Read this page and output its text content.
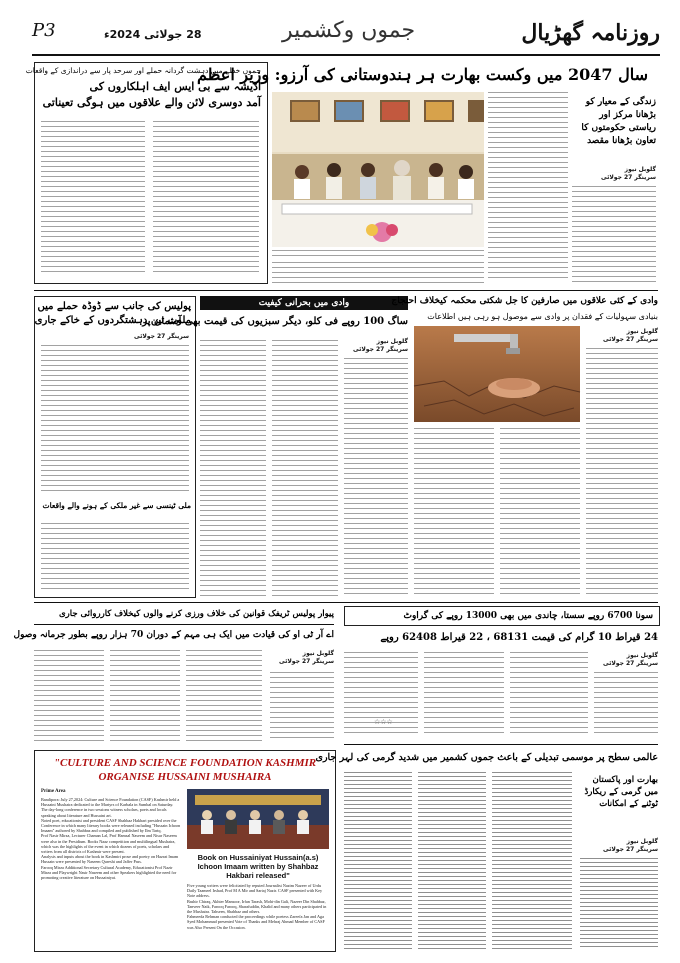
P3	28 جولائی 2024ء	جموں وکشمیر	روزنامہ گھڑیال
جموں خطے میں دہشت گردانہ حملے اور سرحد پار سے دراندازی کے واقعات
اڈیشہ سے بی ایس ایف اہلکاروں کی
آمد دوسری لائن والے علاقوں میں ہوگی تعیناتی
سال 2047 میں وکست بھارت ہر ہندوستانی کی آرزو: وزیر اعظم
زندگی کے معیار کو بڑھانا مرکز اور ریاستی حکومتوں کا تعاون بڑھانا مقصد
گلوبل نیوز
سرینگر 27 جولائی
پولیس کی جانب سے ڈوڈہ حملے میں
ملوث تین دہشتگردوں کے خاکے جاری
سرینگر 27 جولائی
ملی ٹینسی سے غیر ملکی کے ہونے والے واقعات
وادی میں بحرانی کیفیت
ساگ 100 روپے فی کلو، دیگر سبزیوں کی قیمت بھی آسمان پر
گلوبل نیوز
سرینگر 27 جولائی
وادی کے کئی علاقوں میں صارفین کا جل شکتی محکمہ کیخلاف احتجاج
بنیادی سہولیات کے فقدان پر وادی سے موصول ہو رہی ہیں اطلاعات
گلوبل نیوز
سرینگر 27 جولائی
پیوار پولیس ٹریفک قوانین کی خلاف ورزی کرنے والوں کیخلاف کارروائی جاری
اے آر ٹی او کی قیادت میں ایک ہی مہم کے دوران 70 ہزار روپے بطور جرمانہ وصول
گلوبل نیوز
سرینگر 27 جولائی
سونا 6700 روپے سستا، چاندی میں بھی 13000 روپے کی گراوٹ
24 قیراط 10 گرام کی قیمت 68131 ، 22 قیراط 62408 روپے
گلوبل نیوز
سرینگر 27 جولائی
☆☆☆
"CULTURE AND SCIENCE FOUNDATION KASHMIR
ORGANISE HUSSAINI MUSHAIRA
Prime Area
Bandipora: July 27,2024: Culture and Science Foundation (CASF) Kashmir held a Hussaini Mushaira dedicated to the Martyrs of Karbala in Sumbal on Saturday.
The day-long conference in two sessions witness scholars, poets and locals speaking about literature and Hussaini art.
Noted poet, educationist and president CASF Shahbaz Hakbari presided over the Conference in which many literary books were released including "Hussain Ichoon Imaam" authored by Shahbaz and compiled and published by Ilm Tariq.
Prof Nasir Mirza, Lecturer Chaman Lal, Prof Hamsal Naseem and Nisar Naseem were also in the Presidium. Books Naaz competition and multilingual Mushaira, which was the highlights of the event in which dozens of poets, scholars and writers from all districts of Kashmir were present.
Analysis and inputs about the book in Kashmiri prose and poetry on Hazrat Imam Hussain were presented by Naseem Qureshi and Jaffer Pass.
Farooq Mirza Additional Secretary Cultural Academy, Educationist Prof Nazir Mirza and Playwright Nasir Naseem and other Speakers highlighted the need for promoting creative literature on Hussainiyat.
Book on Hussainiyat Hussain(a.s)
Ichoon Imaam written by Shahbaz
Hakbari released"
Five young writers were felicitated by reputed Journalist Nazim Nazeer of Urdu Daily Taameel Irshad, Prof M A Mir and Sartaj Nazir. CASF presented with Key Note address.
Bashir Chiraq, Akhter Mansoor, Irfan Tarash, Mohi-din Gali, Nazeer Din Shahbaz, Tanveer Naik, Farooq Farooq, Sharafuddin, Khalid and many others participated in the Mushaira. Tahseen, Shahbaz and others.
Fahmeeda Rehman conducted the proceedings while poetess Zareefa Jan and Aga Syed Mohammad presented Vote of Thanks and Mehraj Ahmad Member of CASF was Also Present On the Occasion.
عالمی سطح پر موسمی تبدیلی کے باعث جموں کشمیر میں شدید گرمی کی لہر جاری
بھارت اور پاکستان میں گرمی کے ریکارڈ ٹوٹنے کے امکانات
گلوبل نیوز
سرینگر 27 جولائی
